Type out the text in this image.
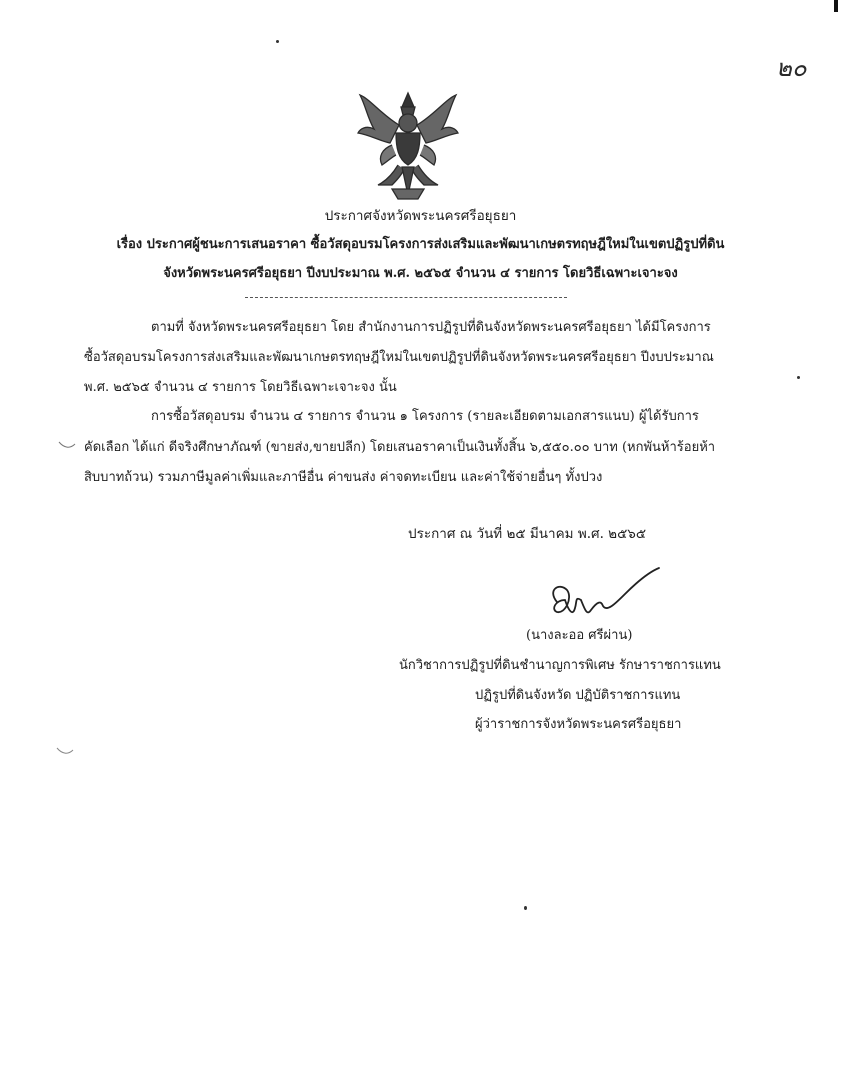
๒๐
ประกาศจังหวัดพระนครศรีอยุธยา
เรื่อง ประกาศผู้ชนะการเสนอราคา ซื้อวัสดุอบรมโครงการส่งเสริมและพัฒนาเกษตรทฤษฎีใหม่ในเขตปฏิรูปที่ดิน
จังหวัดพระนครศรีอยุธยา ปีงบประมาณ พ.ศ. ๒๕๖๕ จำนวน ๔ รายการ โดยวิธีเฉพาะเจาะจง
ตามที่ จังหวัดพระนครศรีอยุธยา โดย สำนักงานการปฏิรูปที่ดินจังหวัดพระนครศรีอยุธยา ได้มีโครงการ
ซื้อวัสดุอบรมโครงการส่งเสริมและพัฒนาเกษตรทฤษฎีใหม่ในเขตปฏิรูปที่ดินจังหวัดพระนครศรีอยุธยา ปีงบประมาณ
พ.ศ. ๒๕๖๕ จำนวน ๔ รายการ โดยวิธีเฉพาะเจาะจง นั้น
การซื้อวัสดุอบรม จำนวน ๔ รายการ จำนวน ๑ โครงการ (รายละเอียดตามเอกสารแนบ) ผู้ได้รับการ
คัดเลือก ได้แก่ ดีจริงศึกษาภัณฑ์ (ขายส่ง,ขายปลีก) โดยเสนอราคาเป็นเงินทั้งสิ้น ๖,๕๕๐.๐๐ บาท (หกพันห้าร้อยห้า
สิบบาทถ้วน) รวมภาษีมูลค่าเพิ่มและภาษีอื่น ค่าขนส่ง ค่าจดทะเบียน และค่าใช้จ่ายอื่นๆ ทั้งปวง
ประกาศ ณ วันที่ ๒๕ มีนาคม พ.ศ. ๒๕๖๕
(นางละออ ศรีผ่าน)
นักวิชาการปฏิรูปที่ดินชำนาญการพิเศษ รักษาราชการแทน
ปฏิรูปที่ดินจังหวัด ปฏิบัติราชการแทน
ผู้ว่าราชการจังหวัดพระนครศรีอยุธยา
